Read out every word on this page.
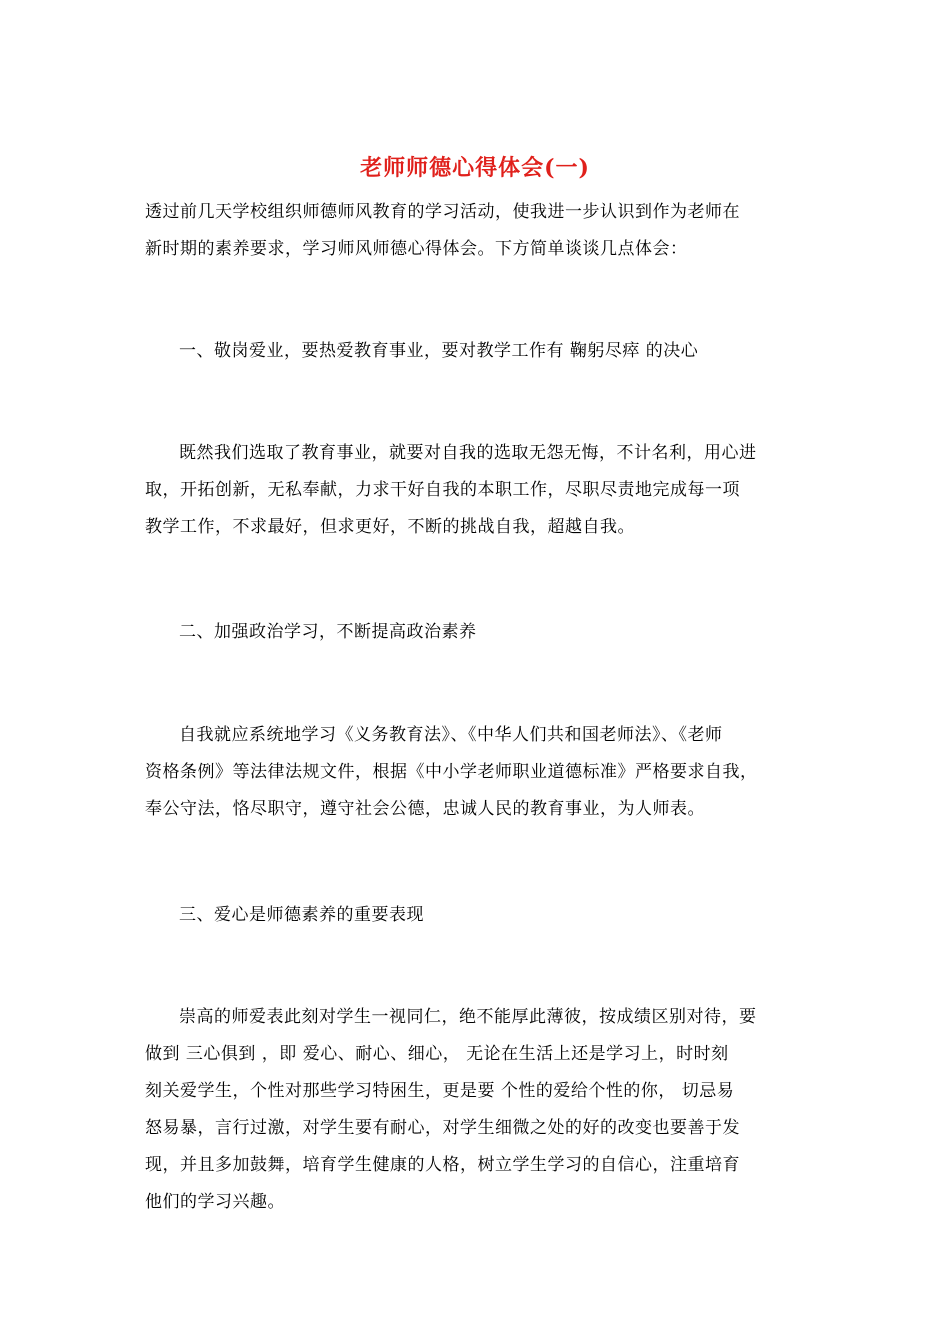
老师师德心得体会(一)
透过前几天学校组织师德师风教育的学习活动，使我进一步认识到作为老师在
新时期的素养要求，学习师风师德心得体会。下方简单谈谈几点体会：
一、敬岗爱业，要热爱教育事业，要对教学工作有 鞠躬尽瘁 的决心
既然我们选取了教育事业，就要对自我的选取无怨无悔，不计名利，用心进
取，开拓创新，无私奉献，力求干好自我的本职工作，尽职尽责地完成每一项
教学工作，不求最好，但求更好，不断的挑战自我，超越自我。
二、加强政治学习，不断提高政治素养
自我就应系统地学习《义务教育法》、《中华人们共和国老师法》、《老师
资格条例》等法律法规文件，根据《中小学老师职业道德标准》严格要求自我，
奉公守法，恪尽职守，遵守社会公德，忠诚人民的教育事业，为人师表。
三、爱心是师德素养的重要表现
崇高的师爱表此刻对学生一视同仁，绝不能厚此薄彼，按成绩区别对待，要
做到 三心俱到 ，即 爱心、耐心、细心， 无论在生活上还是学习上，时时刻
刻关爱学生，个性对那些学习特困生，更是要 个性的爱给个性的你， 切忌易
怒易暴，言行过激，对学生要有耐心，对学生细微之处的好的改变也要善于发
现，并且多加鼓舞，培育学生健康的人格，树立学生学习的自信心，注重培育
他们的学习兴趣。
